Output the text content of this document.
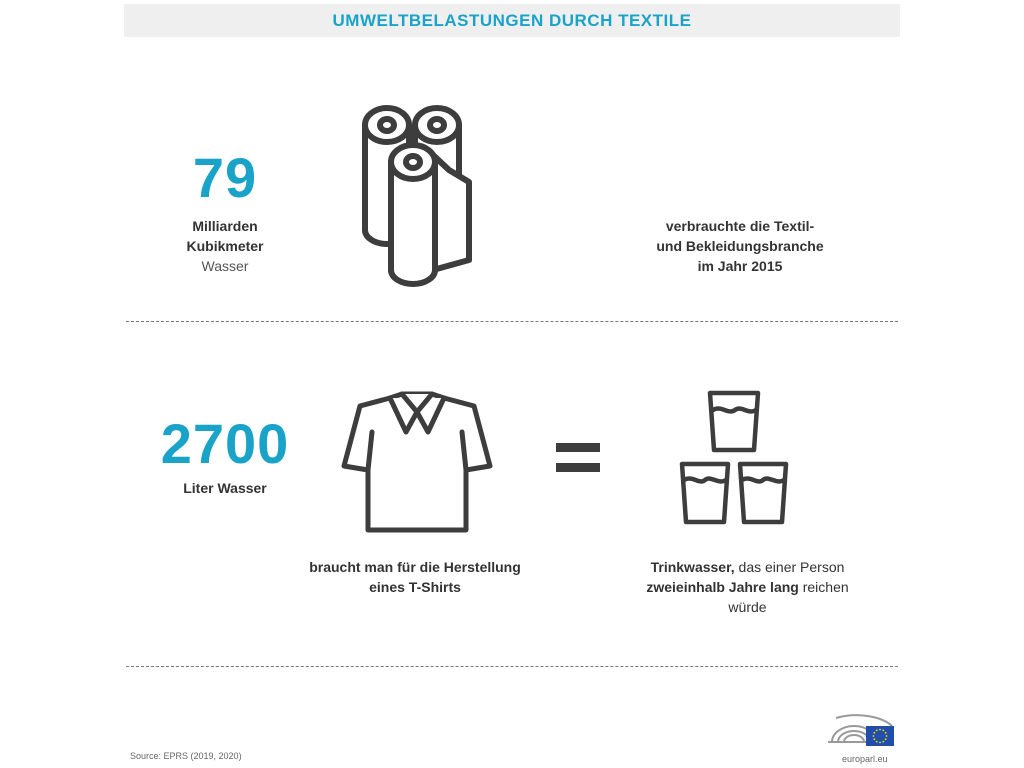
UMWELTBELASTUNGEN DURCH TEXTILE
79
Milliarden
Kubikmeter
Wasser
verbrauchte die Textil-
und Bekleidungsbranche
im Jahr 2015
2700
Liter Wasser
braucht man für die Herstellung
eines T-Shirts
Trinkwasser, das einer Person
zweieinhalb Jahre lang reichen
würde
Source: EPRS (2019, 2020)	europarl.eu
